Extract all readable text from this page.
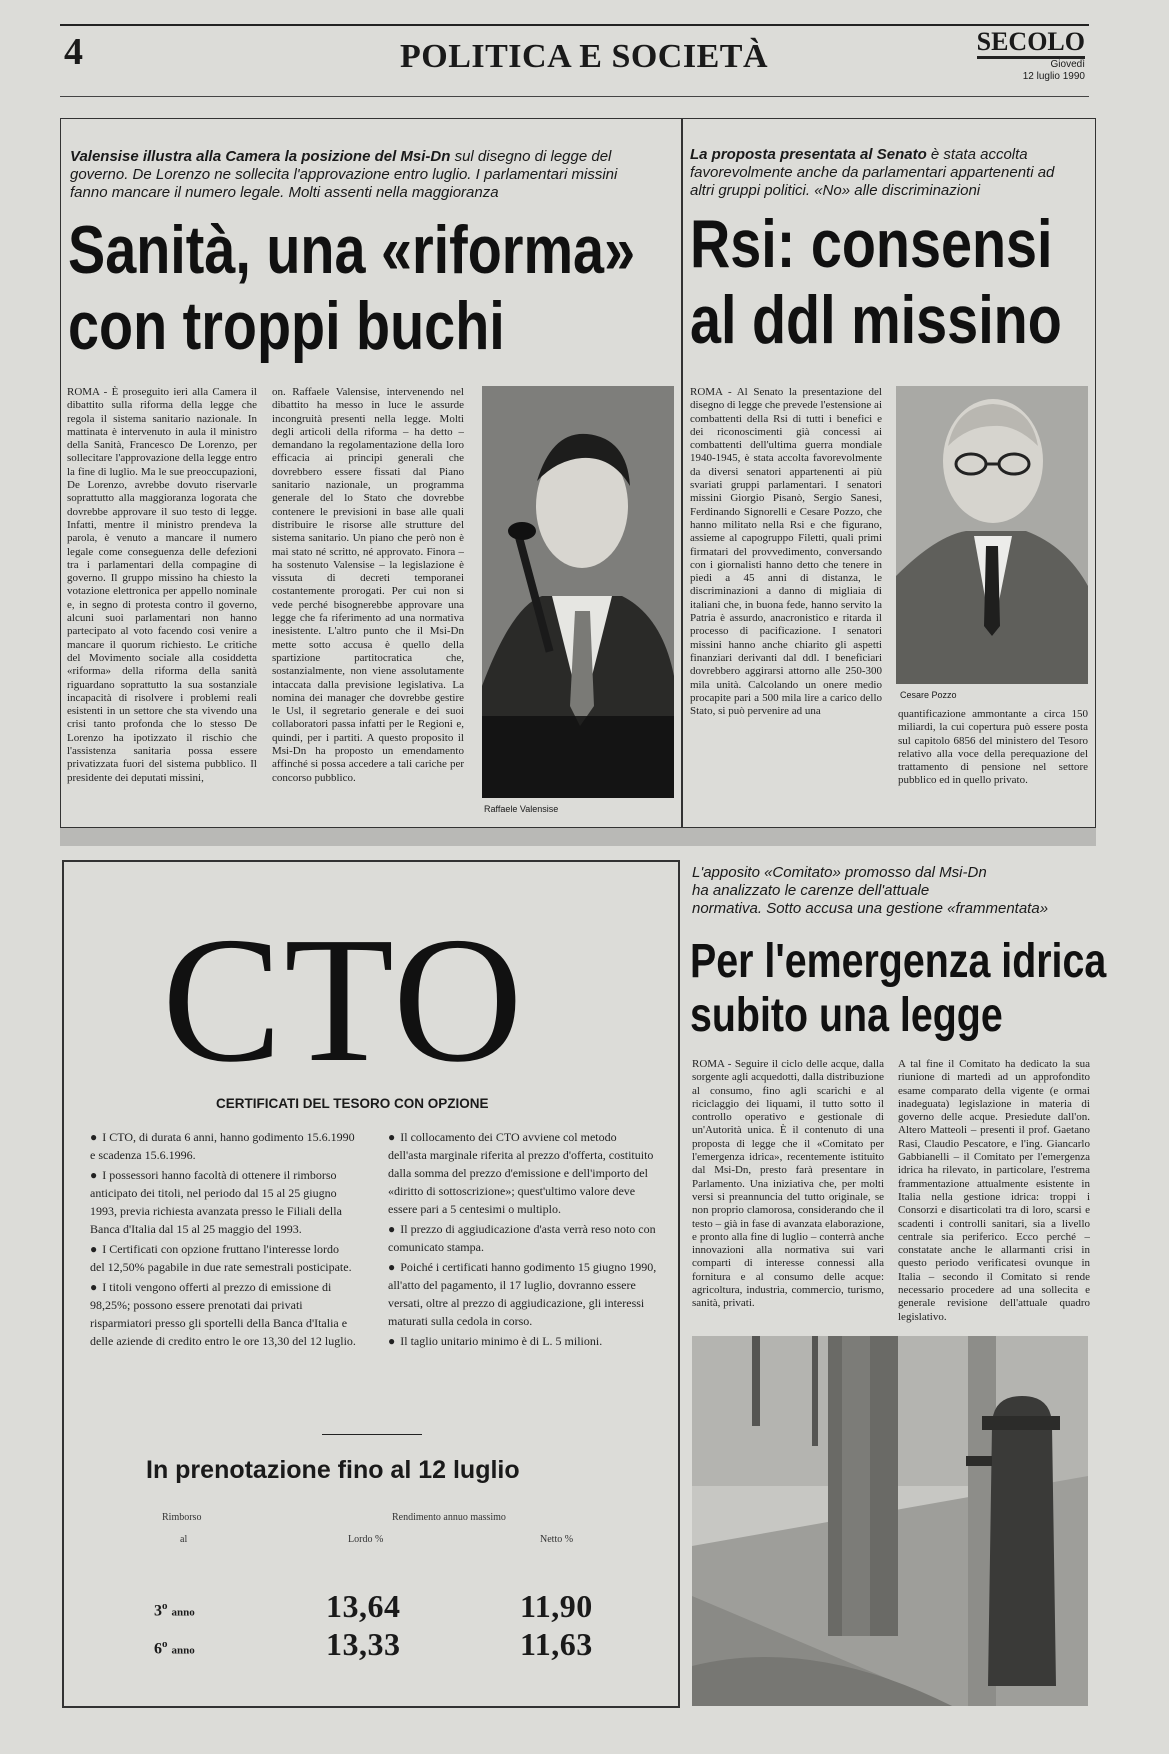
4	POLITICA E SOCIETÀ	SECOLO
Giovedì
12 luglio 1990
Valensise illustra alla Camera la posizione del Msi-Dn sul disegno di legge del governo. De Lorenzo ne sollecita l'approvazione entro luglio. I parlamentari missini fanno mancare il numero legale. Molti assenti nella maggioranza
Sanità, una «riforma»
con troppi buchi

ROMA - È proseguito ieri alla Camera il dibattito sulla riforma della legge che regola il sistema sanitario nazionale. In mattinata è intervenuto in aula il ministro della Sanità, Francesco De Lorenzo, per sollecitare l'approvazione della legge entro la fine di luglio. Ma le sue preoccupazioni, De Lorenzo, avrebbe dovuto riservarle soprattutto alla maggioranza logorata che dovrebbe approvare il suo testo di legge. Infatti, mentre il ministro prendeva la parola, è venuto a mancare il numero legale come conseguenza delle defezioni tra i parlamentari della compagine di governo. Il gruppo missino ha chiesto la votazione elettronica per appello nominale e, in segno di protesta contro il governo, alcuni suoi parlamentari non hanno partecipato al voto facendo così venire a mancare il quorum richiesto. Le critiche del Movimento sociale alla cosiddetta «riforma» della riforma della sanità riguardano soprattutto la sua sostanziale incapacità di risolvere i problemi reali esistenti in un settore che sta vivendo una crisi tanto profonda che lo stesso De Lorenzo ha ipotizzato il rischio che l'assistenza sanitaria possa essere privatizzata fuori del sistema pubblico. Il presidente dei deputati missini,

on. Raffaele Valensise, intervenendo nel dibattito ha messo in luce le assurde incongruità presenti nella legge. Molti degli articoli della riforma – ha detto – demandano la regolamentazione della loro efficacia ai principi generali che dovrebbero essere fissati dal Piano sanitario nazionale, un programma generale del lo Stato che dovrebbe contenere le previsioni in base alle quali distribuire le risorse alle strutture del sistema sanitario. Un piano che però non è mai stato né scritto, né approvato. Finora – ha sostenuto Valensise – la legislazione è vissuta di decreti temporanei costantemente prorogati. Per cui non si vede perché bisognerebbe approvare una legge che fa riferimento ad una normativa inesistente. L'altro punto che il Msi-Dn mette sotto accusa è quello della spartizione partitocratica che, sostanzialmente, non viene assolutamente intaccata dalla previsione legislativa. La nomina dei manager che dovrebbe gestire le Usl, il segretario generale e dei suoi collaboratori passa infatti per le Regioni e, quindi, per i partiti. A questo proposito il Msi-Dn ha proposto un emendamento affinché si possa accedere a tali cariche per concorso pubblico.

Raffaele Valensise
La proposta presentata al Senato è stata accolta favorevolmente anche da parlamentari appartenenti ad altri gruppi politici. «No» alle discriminazioni
Rsi: consensi
al ddl missino

ROMA - Al Senato la presentazione del disegno di legge che prevede l'estensione ai combattenti della Rsi di tutti i benefici e dei riconoscimenti già concessi ai combattenti dell'ultima guerra mondiale 1940-1945, è stata accolta favorevolmente da diversi senatori appartenenti ai più svariati gruppi parlamentari. I senatori missini Giorgio Pisanò, Sergio Sanesi, Ferdinando Signorelli e Cesare Pozzo, che hanno militato nella Rsi e che figurano, assieme al capogruppo Filetti, quali primi firmatari del provvedimento, conversando con i giornalisti hanno detto che tenere in piedi a 45 anni di distanza, le discriminazioni a danno di migliaia di italiani che, in buona fede, hanno servito la Patria è assurdo, anacronistico e ritarda il processo di pacificazione. I senatori missini hanno anche chiarito gli aspetti finanziari derivanti dal ddl. I beneficiari dovrebbero aggirarsi attorno alle 250-300 mila unità. Calcolando un onere medio procapite pari a 500 mila lire a carico dello Stato, si può pervenire ad una

Cesare Pozzo

quantificazione ammontante a circa 150 miliardi, la cui copertura può essere posta sul capitolo 6856 del ministero del Tesoro relativo alla voce della perequazione del trattamento di pensione nel settore pubblico ed in quello privato.

CTO
CERTIFICATI DEL TESORO CON OPZIONE

● I CTO, di durata 6 anni, hanno godimento 15.6.1990 e scadenza 15.6.1996.

● I possessori hanno facoltà di ottenere il rimborso anticipato dei titoli, nel periodo dal 15 al 25 giugno 1993, previa richiesta avanzata presso le Filiali della Banca d'Italia dal 15 al 25 maggio del 1993.

● I Certificati con opzione fruttano l'interesse lordo del 12,50% pagabile in due rate semestrali posticipate.

● I titoli vengono offerti al prezzo di emissione di 98,25%; possono essere prenotati dai privati risparmiatori presso gli sportelli della Banca d'Italia e delle aziende di credito entro le ore 13,30 del 12 luglio.

● Il collocamento dei CTO avviene col metodo dell'asta marginale riferita al prezzo d'offerta, costituito dalla somma del prezzo d'emissione e dell'importo del «diritto di sottoscrizione»; quest'ultimo valore deve essere pari a 5 centesimi o multiplo.

● Il prezzo di aggiudicazione d'asta verrà reso noto con comunicato stampa.

● Poiché i certificati hanno godimento 15 giugno 1990, all'atto del pagamento, il 17 luglio, dovranno essere versati, oltre al prezzo di aggiudicazione, gli interessi maturati sulla cedola in corso.

● Il taglio unitario minimo è di L. 5 milioni.

In prenotazione fino al 12 luglio
Rimborso
al
Rendimento annuo massimo
Lordo %	Netto %
3$^o$ anno	13,64	11,90
6$^o$ anno	13,33	11,63
L'apposito «Comitato» promosso dal Msi-Dn
ha analizzato le carenze dell'attuale
normativa. Sotto accusa una gestione «frammentata»
Per l'emergenza idrica
subito una legge

ROMA - Seguire il ciclo delle acque, dalla sorgente agli acquedotti, dalla distribuzione al consumo, fino agli scarichi e al riciclaggio dei liquami, il tutto sotto il controllo operativo e gestionale di un'Autorità unica. È il contenuto di una proposta di legge che il «Comitato per l'emergenza idrica», recentemente istituito dal Msi-Dn, presto farà presentare in Parlamento. Una iniziativa che, per molti versi si preannuncia del tutto originale, se non proprio clamorosa, considerando che il testo – già in fase di avanzata elaborazione, e pronto alla fine di luglio – conterrà anche innovazioni alla normativa sui vari comparti di interesse connessi alla fornitura e al consumo delle acque: agricoltura, industria, commercio, turismo, sanità, privati.

A tal fine il Comitato ha dedicato la sua riunione di martedì ad un approfondito esame comparato della vigente (e ormai inadeguata) legislazione in materia di governo delle acque. Presiedute dall'on. Altero Matteoli – presenti il prof. Gaetano Rasi, Claudio Pescatore, e l'ing. Giancarlo Gabbianelli – il Comitato per l'emergenza idrica ha rilevato, in particolare, l'estrema frammentazione attualmente esistente in Italia nella gestione idrica: troppi i Consorzi e disarticolati tra di loro, scarsi e scadenti i controlli sanitari, sia a livello centrale sia periferico. Ecco perché – constatate anche le allarmanti crisi in questo periodo verificatesi ovunque in Italia – secondo il Comitato si rende necessario procedere ad una sollecita e generale revisione dell'attuale quadro legislativo.
